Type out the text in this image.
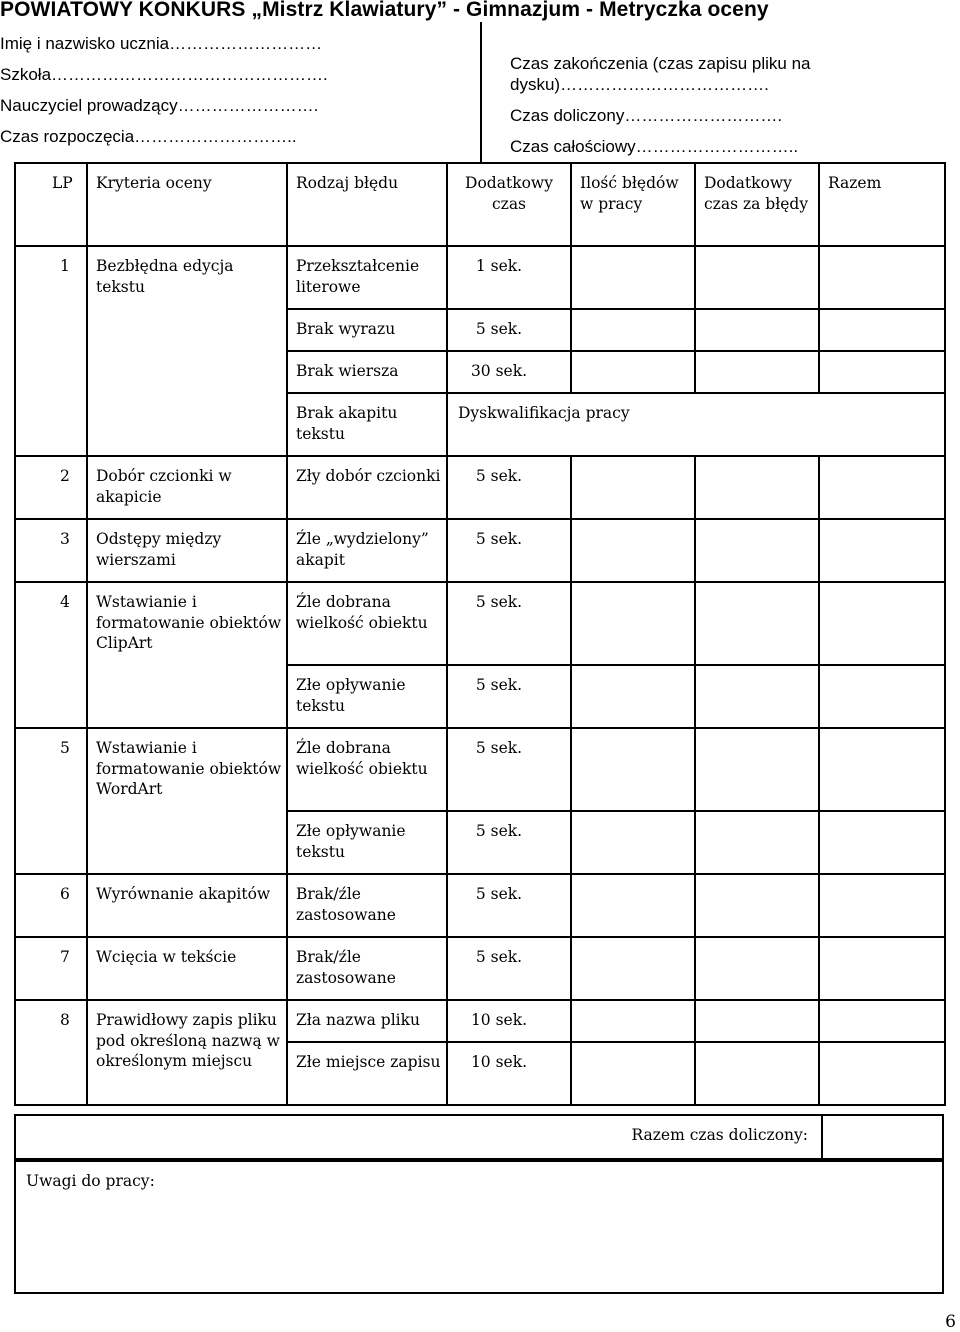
POWIATOWY KONKURS „Mistrz Klawiatury” - Gimnazjum - Metryczka oceny
Imię i nazwisko ucznia………………………
Szkoła………………………………………….
Nauczyciel prowadzący…………………….
Czas rozpoczęcia………………………..
Czas zakończenia (czas zapisu pliku na
dysku)……………………………….
Czas doliczony……………………….
Czas całościowy………………………..
LP	Kryteria oceny	Rodzaj błędu	Dodatkowy czas	Ilość błędów w pracy	Dodatkowy czas za błędy	Razem

1	Bezbłędna edycja tekstu	Przekształcenie literowe	1 sek.			

		Brak wyrazu	5 sek.			

		Brak wiersza	30 sek.			

		Brak akapitu tekstu	Dyskwalifikacja pracy			

2	Dobór czcionki w akapicie	Zły dobór czcionki	5 sek.			

3	Odstępy między wierszami	Źle „wydzielony” akapit	5 sek.			

4	Wstawianie i formatowanie obiektów ClipArt	Źle dobrana wielkość obiektu	5 sek.			

		Złe opływanie tekstu	5 sek.			

5	Wstawianie i formatowanie obiektów WordArt	Źle dobrana wielkość obiektu	5 sek.			

		Złe opływanie tekstu	5 sek.			

6	Wyrównanie akapitów	Brak/źle zastosowane	5 sek.			

7	Wcięcia w tekście	Brak/źle zastosowane	5 sek.			

8	Prawidłowy zapis pliku pod określoną nazwą w określonym miejscu	Zła nazwa pliku	10 sek.			

		Złe miejsce zapisu	10 sek.			

Razem czas doliczony:
Uwagi do pracy:
6
